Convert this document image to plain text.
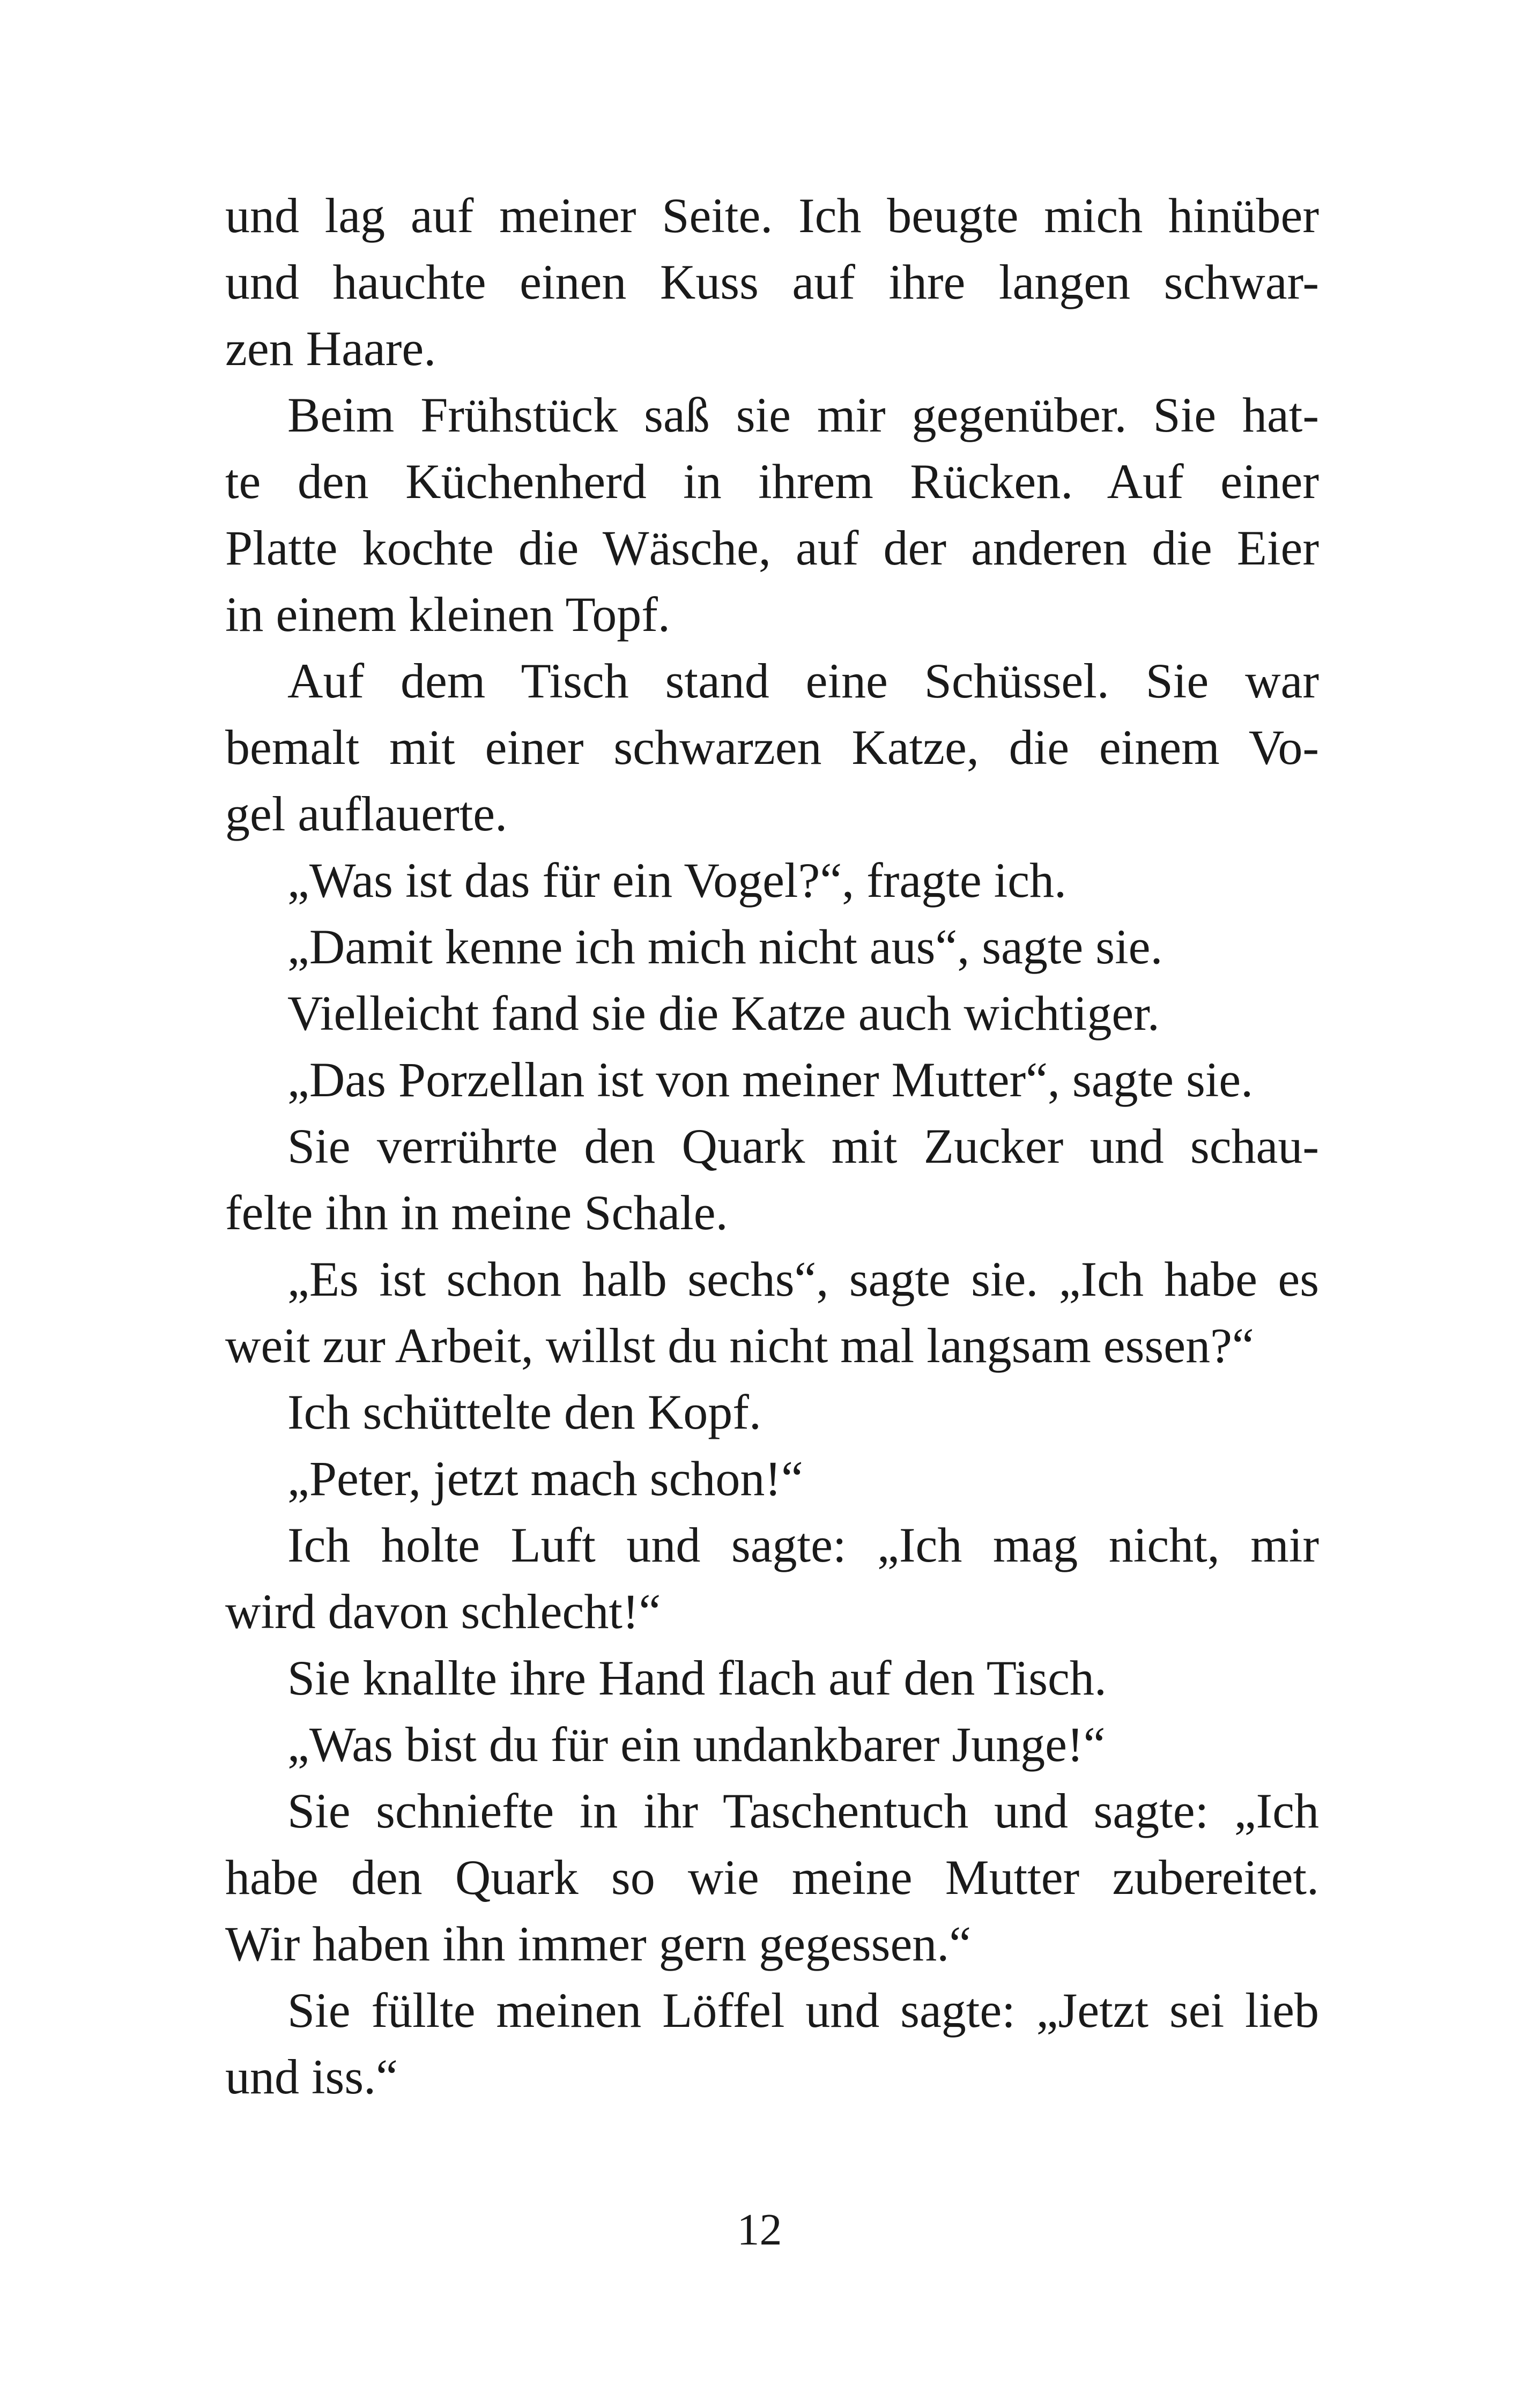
und lag auf meiner Seite. Ich beugte mich hinüber
und hauchte einen Kuss auf ihre langen schwar-
zen Haare.
Beim Frühstück saß sie mir gegenüber. Sie hat-
te den Küchenherd in ihrem Rücken. Auf einer
Platte kochte die Wäsche, auf der anderen die Eier
in einem kleinen Topf.
Auf dem Tisch stand eine Schüssel. Sie war
bemalt mit einer schwarzen Katze, die einem Vo-
gel auflauerte.
„Was ist das für ein Vogel?“, fragte ich.
„Damit kenne ich mich nicht aus“, sagte sie.
Vielleicht fand sie die Katze auch wichtiger.
„Das Porzellan ist von meiner Mutter“, sagte sie.
Sie verrührte den Quark mit Zucker und schau-
felte ihn in meine Schale.
„Es ist schon halb sechs“, sagte sie. „Ich habe es
weit zur Arbeit, willst du nicht mal langsam essen?“
Ich schüttelte den Kopf.
„Peter, jetzt mach schon!“
Ich holte Luft und sagte: „Ich mag nicht, mir
wird davon schlecht!“
Sie knallte ihre Hand flach auf den Tisch.
„Was bist du für ein undankbarer Junge!“
Sie schniefte in ihr Taschentuch und sagte: „Ich
habe den Quark so wie meine Mutter zubereitet.
Wir haben ihn immer gern gegessen.“
Sie füllte meinen Löffel und sagte: „Jetzt sei lieb
und iss.“
12
